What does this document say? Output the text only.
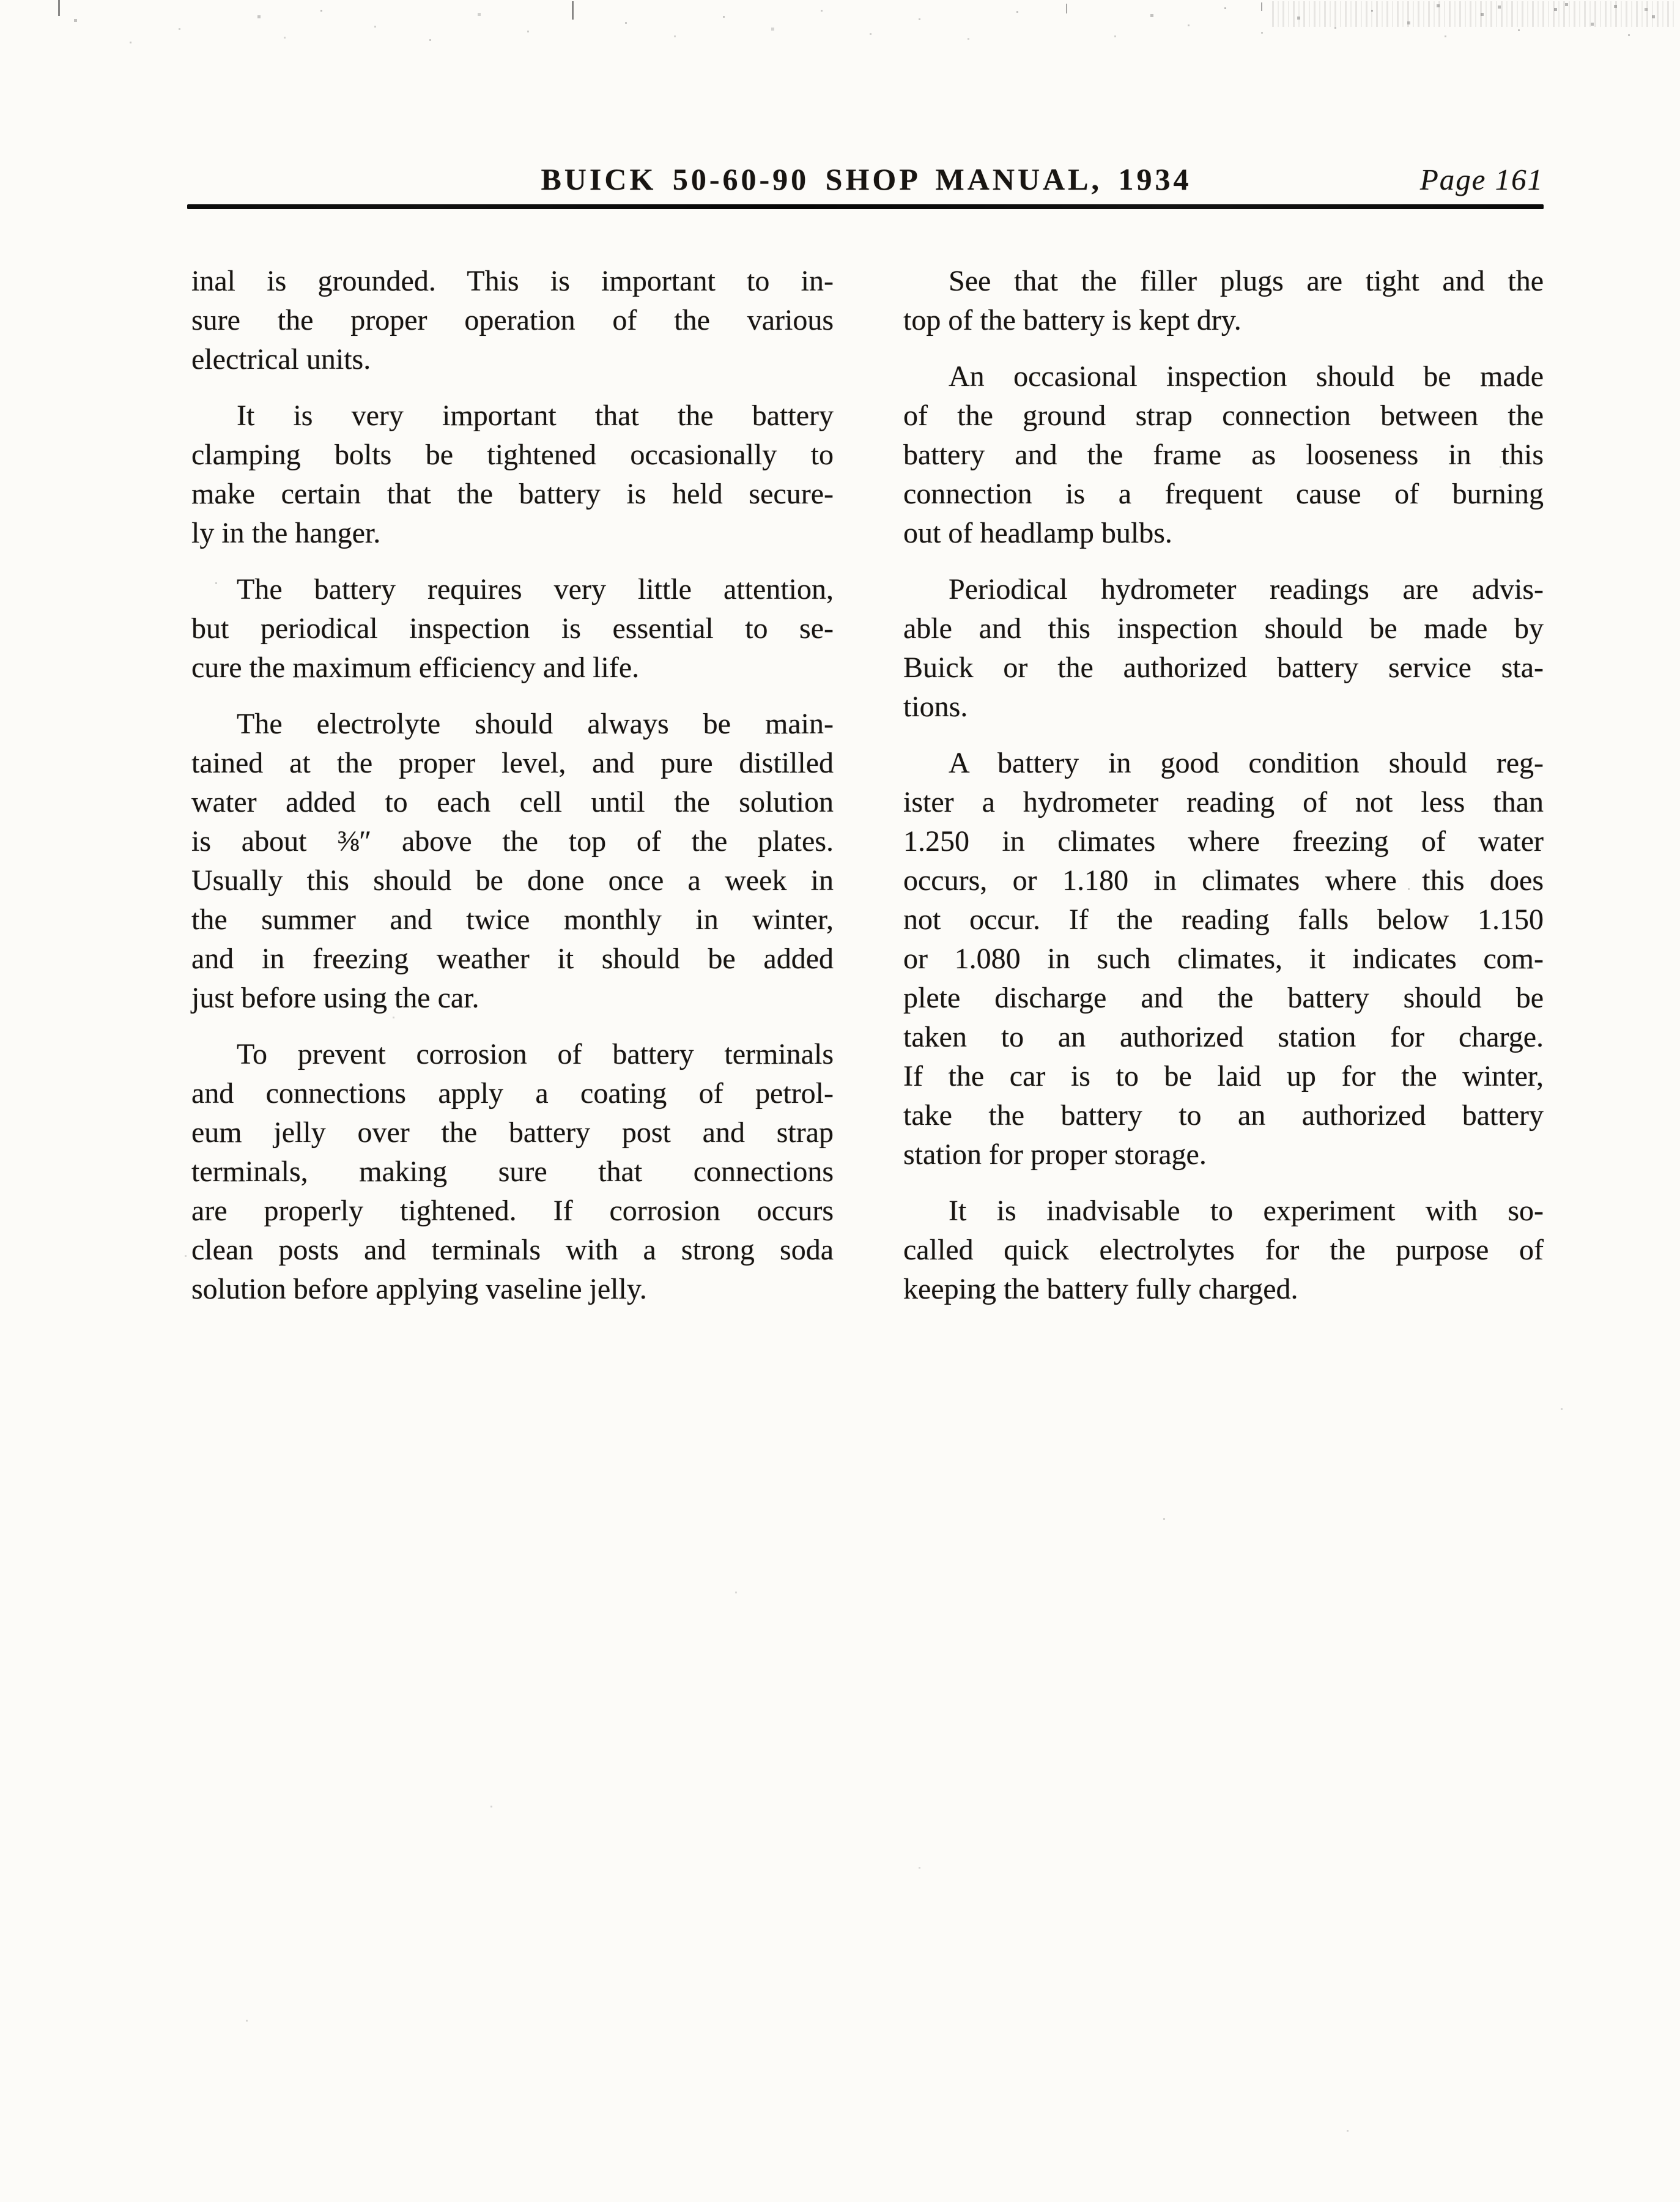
BUICK 50-60-90 SHOP MANUAL, 1934	Page 161

inal is grounded. This is important to in-
sure the proper operation of the various
electrical units.

It is very important that the battery
clamping bolts be tightened occasionally to
make certain that the battery is held secure-
ly in the hanger.

The battery requires very little attention,
but periodical inspection is essential to se-
cure the maximum efficiency and life.

The electrolyte should always be main-
tained at the proper level, and pure distilled
water added to each cell until the solution
is about ⅜″ above the top of the plates.
Usually this should be done once a week in
the summer and twice monthly in winter,
and in freezing weather it should be added
just before using the car.

To prevent corrosion of battery terminals
and connections apply a coating of petrol-
eum jelly over the battery post and strap
terminals, making sure that connections
are properly tightened. If corrosion occurs
clean posts and terminals with a strong soda
solution before applying vaseline jelly.

See that the filler plugs are tight and the
top of the battery is kept dry.

An occasional inspection should be made
of the ground strap connection between the
battery and the frame as looseness in this
connection is a frequent cause of burning
out of headlamp bulbs.

Periodical hydrometer readings are advis-
able and this inspection should be made by
Buick or the authorized battery service sta-
tions.

A battery in good condition should reg-
ister a hydrometer reading of not less than
1.250 in climates where freezing of water
occurs, or 1.180 in climates where this does
not occur. If the reading falls below 1.150
or 1.080 in such climates, it indicates com-
plete discharge and the battery should be
taken to an authorized station for charge.
If the car is to be laid up for the winter,
take the battery to an authorized battery
station for proper storage.

It is inadvisable to experiment with so-
called quick electrolytes for the purpose of
keeping the battery fully charged.
